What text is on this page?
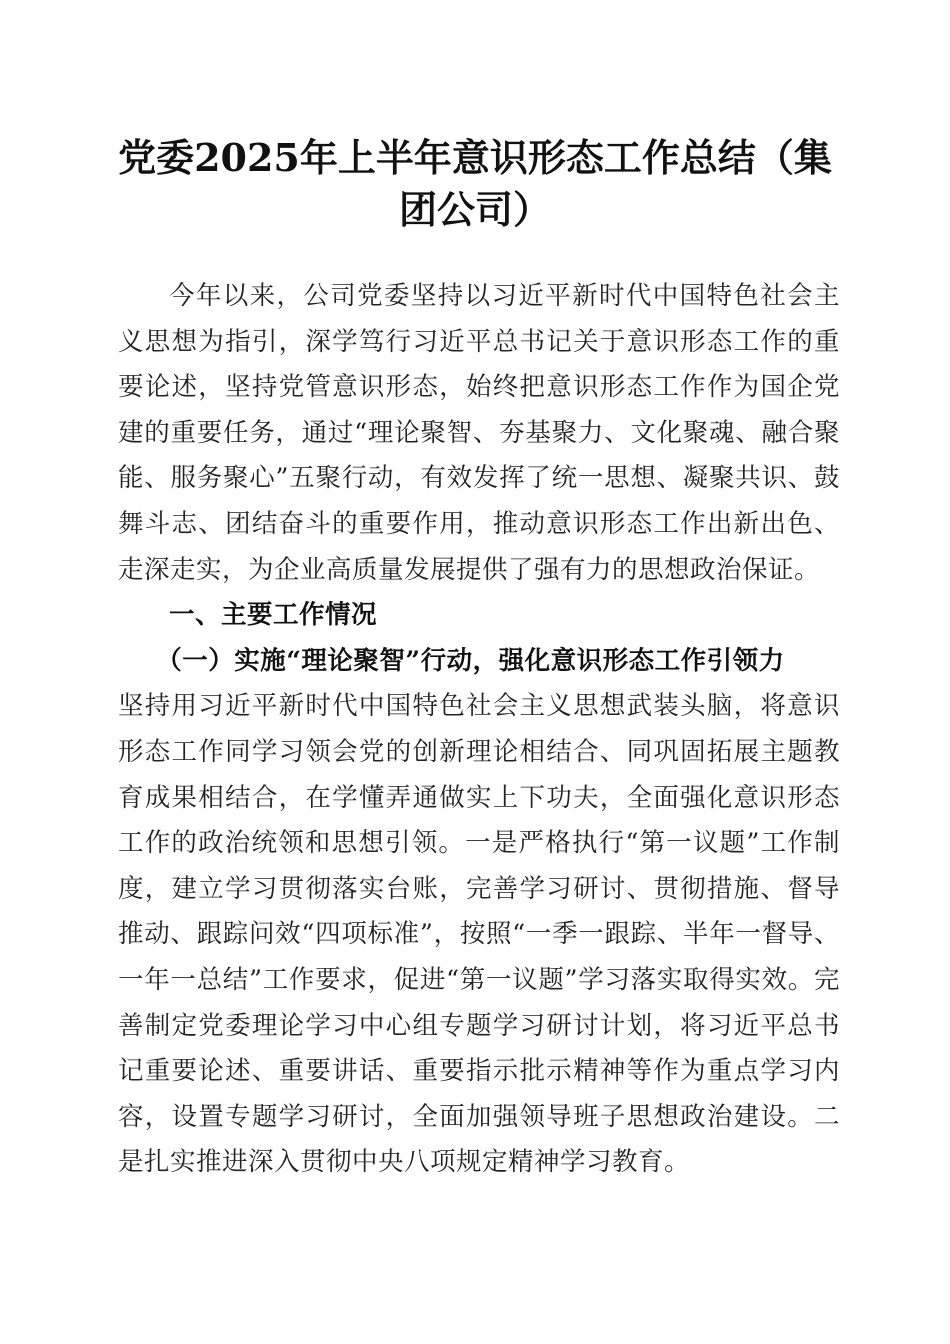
党委2025年上半年意识形态工作总结（集团公司）

今年以来，公司党委坚持以习近平新时代中国特色社会主义思想为指引，深学笃行习近平总书记关于意识形态工作的重要论述，坚持党管意识形态，始终把意识形态工作作为国企党建的重要任务，通过“理论聚智、夯基聚力、文化聚魂、融合聚能、服务聚心”五聚行动，有效发挥了统一思想、凝聚共识、鼓舞斗志、团结奋斗的重要作用，推动意识形态工作出新出色、走深走实，为企业高质量发展提供了强有力的思想政治保证。

一、主要工作情况

（一）实施“理论聚智”行动，强化意识形态工作引领力

坚持用习近平新时代中国特色社会主义思想武装头脑，将意识形态工作同学习领会党的创新理论相结合、同巩固拓展主题教育成果相结合，在学懂弄通做实上下功夫，全面强化意识形态工作的政治统领和思想引领。一是严格执行“第一议题”工作制度，建立学习贯彻落实台账，完善学习研讨、贯彻措施、督导推动、跟踪问效“四项标准”，按照“一季一跟踪、半年一督导、一年一总结”工作要求，促进“第一议题”学习落实取得实效。完善制定党委理论学习中心组专题学习研讨计划，将习近平总书记重要论述、重要讲话、重要指示批示精神等作为重点学习内容，设置专题学习研讨，全面加强领导班子思想政治建设。二是扎实推进深入贯彻中央八项规定精神学习教育。
